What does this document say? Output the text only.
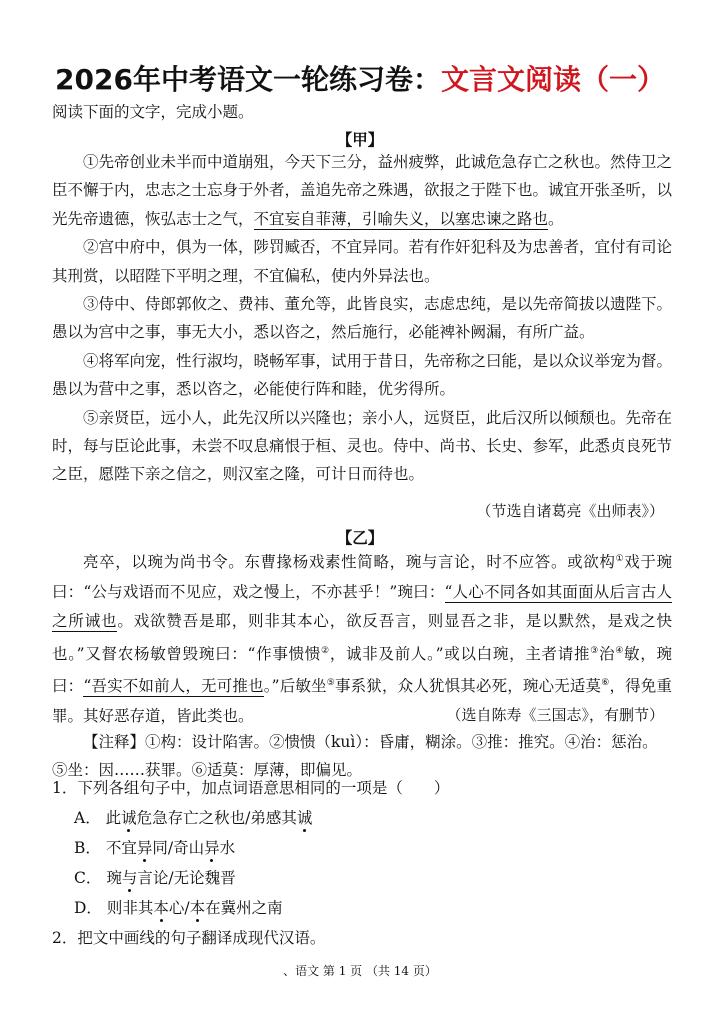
2026年中考语文一轮练习卷：文言文阅读（一）
阅读下面的文字，完成小题。
【甲】

①先帝创业未半而中道崩殂，今天下三分，益州疲弊，此诚危急存亡之秋也。然侍卫之臣不懈于内，忠志之士忘身于外者，盖追先帝之殊遇，欲报之于陛下也。诚宜开张圣听，以光先帝遗德，恢弘志士之气，不宜妄自菲薄，引喻失义，以塞忠谏之路也。

②宫中府中，俱为一体，陟罚臧否，不宜异同。若有作奸犯科及为忠善者，宜付有司论其刑赏，以昭陛下平明之理，不宜偏私，使内外异法也。

③侍中、侍郎郭攸之、费祎、董允等，此皆良实，志虑忠纯，是以先帝简拔以遗陛下。愚以为宫中之事，事无大小，悉以咨之，然后施行，必能裨补阙漏，有所广益。

④将军向宠，性行淑均，晓畅军事，试用于昔日，先帝称之曰能，是以众议举宠为督。愚以为营中之事，悉以咨之，必能使行阵和睦，优劣得所。

⑤亲贤臣，远小人，此先汉所以兴隆也；亲小人，远贤臣，此后汉所以倾颓也。先帝在时，每与臣论此事，未尝不叹息痛恨于桓、灵也。侍中、尚书、长史、参军，此悉贞良死节之臣，愿陛下亲之信之，则汉室之隆，可计日而待也。

（节选自诸葛亮《出师表》）
【乙】

亮卒，以琬为尚书令。东曹掾杨戏素性简略，琬与言论，时不应答。或欲构①戏于琬曰：“公与戏语而不见应，戏之慢上，不亦甚乎！”琬曰：“人心不同各如其面面从后言古人之所诫也。戏欲赞吾是耶，则非其本心，欲反吾言，则显吾之非，是以默然，是戏之快也。”又督农杨敏曾毁琬曰：“作事愦愦②，诚非及前人。”或以白琬，主者请推③治④敏，琬曰：“吾实不如前人，无可推也。”后敏坐⑤事系狱，众人犹惧其必死，琬心无适莫⑥，得免重罪。其好恶存道，皆此类也。	（选自陈寿《三国志》，有删节）

【注释】①构：设计陷害。②愦愦（kuì）：昏庸，糊涂。③推：推究。④治：惩治。⑤坐：因……获罪。⑥适莫：厚薄，即偏见。

1．下列各组句子中，加点词语意思相同的一项是（　　）
A． 此诚危急存亡之秋也/弟感其诚
B． 不宜异同/奇山异水
C． 琬与言论/无论魏晋
D． 则非其本心/本在冀州之南
2．把文中画线的句子翻译成现代汉语。
、语文 第 1 页 （共 14 页）
